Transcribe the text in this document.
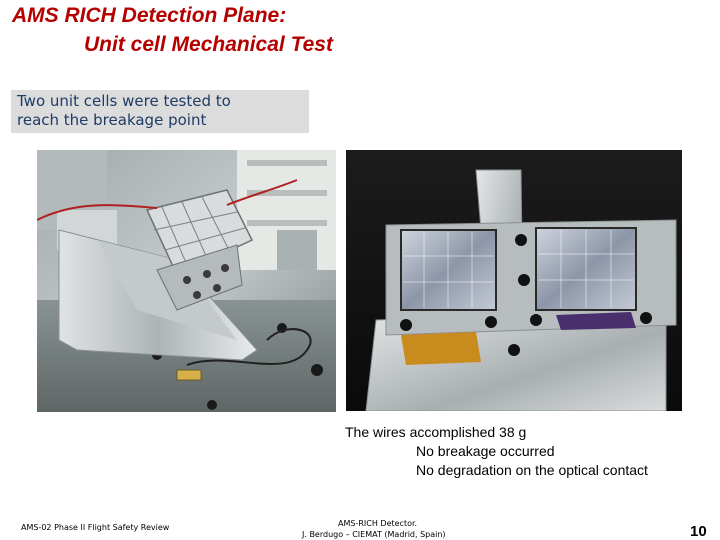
AMS RICH Detection Plane:
Unit cell Mechanical Test
Two unit cells were tested to
reach the breakage point
The wires accomplished 38 g
No breakage occurred
No degradation on the optical contact
AMS-02 Phase II Flight Safety Review	AMS-RICH Detector.
J. Berdugo – CIEMAT (Madrid, Spain)	10
